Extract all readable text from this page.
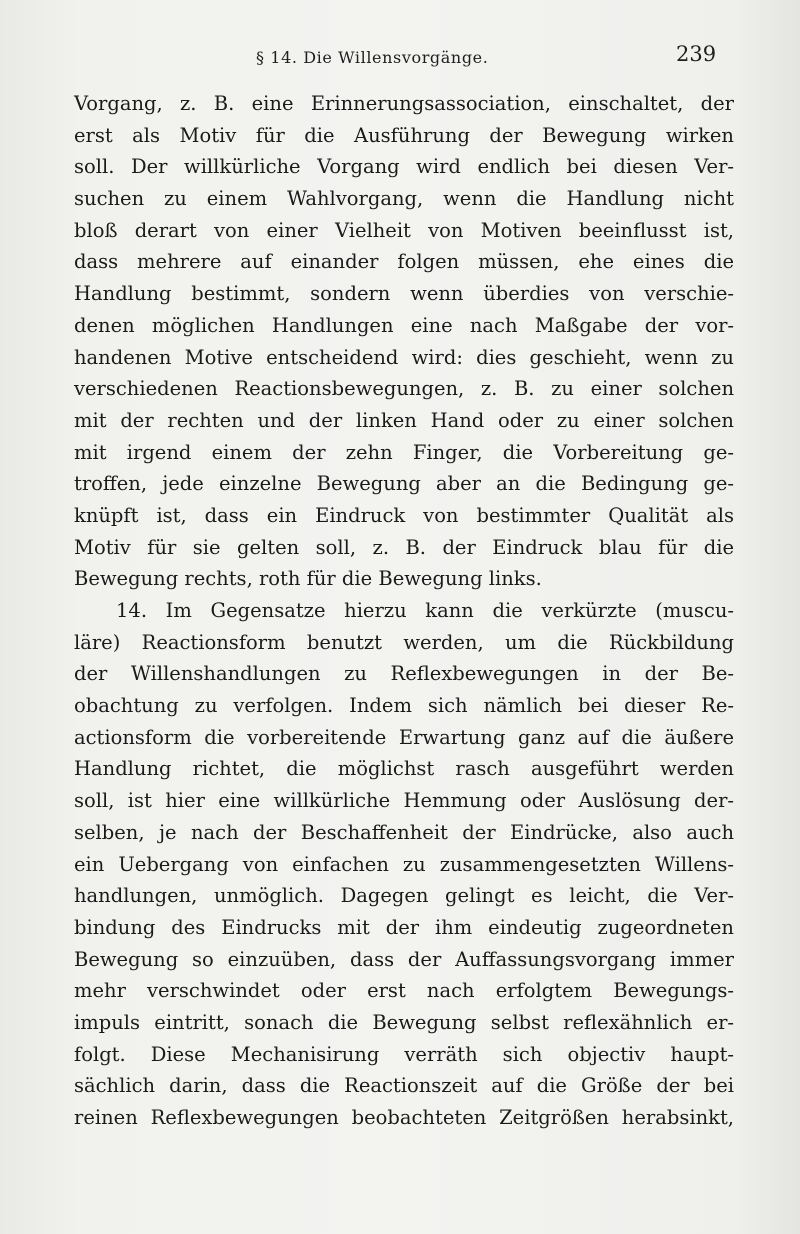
§ 14. Die Willensvorgänge.	239
Vorgang, z. B. eine Erinnerungsassociation, einschaltet, der
erst als Motiv für die Ausführung der Bewegung wirken
soll. Der willkürliche Vorgang wird endlich bei diesen Ver-
suchen zu einem Wahlvorgang, wenn die Handlung nicht
bloß derart von einer Vielheit von Motiven beeinflusst ist,
dass mehrere auf einander folgen müssen, ehe eines die
Handlung bestimmt, sondern wenn überdies von verschie-
denen möglichen Handlungen eine nach Maßgabe der vor-
handenen Motive entscheidend wird: dies geschieht, wenn zu
verschiedenen Reactionsbewegungen, z. B. zu einer solchen
mit der rechten und der linken Hand oder zu einer solchen
mit irgend einem der zehn Finger, die Vorbereitung ge-
troffen, jede einzelne Bewegung aber an die Bedingung ge-
knüpft ist, dass ein Eindruck von bestimmter Qualität als
Motiv für sie gelten soll, z. B. der Eindruck blau für die
Bewegung rechts, roth für die Bewegung links.
14. Im Gegensatze hierzu kann die verkürzte (muscu-
läre) Reactionsform benutzt werden, um die Rückbildung
der Willenshandlungen zu Reflexbewegungen in der Be-
obachtung zu verfolgen. Indem sich nämlich bei dieser Re-
actionsform die vorbereitende Erwartung ganz auf die äußere
Handlung richtet, die möglichst rasch ausgeführt werden
soll, ist hier eine willkürliche Hemmung oder Auslösung der-
selben, je nach der Beschaffenheit der Eindrücke, also auch
ein Uebergang von einfachen zu zusammengesetzten Willens-
handlungen, unmöglich. Dagegen gelingt es leicht, die Ver-
bindung des Eindrucks mit der ihm eindeutig zugeordneten
Bewegung so einzuüben, dass der Auffassungsvorgang immer
mehr verschwindet oder erst nach erfolgtem Bewegungs-
impuls eintritt, sonach die Bewegung selbst reflexähnlich er-
folgt. Diese Mechanisirung verräth sich objectiv haupt-
sächlich darin, dass die Reactionszeit auf die Größe der bei
reinen Reflexbewegungen beobachteten Zeitgrößen herabsinkt,
